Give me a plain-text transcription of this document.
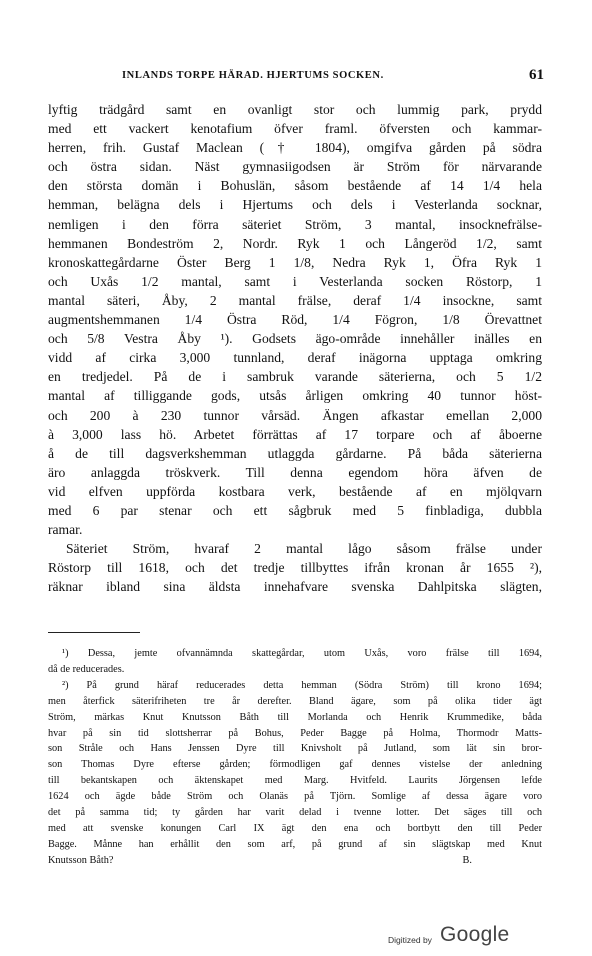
INLANDS TORPE HÄRAD. HJERTUMS SOCKEN.	61
lyftig trädgård samt en ovanligt stor och lummig park, prydd
med ett vackert kenotafium öfver framl. öfversten och kammar-
herren, frih. Gustaf Maclean († 1804), omgifva gården på södra
och östra sidan. Näst gymnasiigodsen är Ström för närvarande
den största domän i Bohuslän, såsom bestående af 14 1/4 hela
hemman, belägna dels i Hjertums och dels i Vesterlanda socknar,
nemligen i den förra säteriet Ström, 3 mantal, insocknefrälse-
hemmanen Bondeström 2, Nordr. Ryk 1 och Långeröd 1/2, samt
kronoskattegårdarne Öster Berg 1 1/8, Nedra Ryk 1, Öfra Ryk 1
och Uxås 1/2 mantal, samt i Vesterlanda socken Röstorp, 1
mantal säteri, Åby, 2 mantal frälse, deraf 1/4 insockne, samt
augmentshemmanen 1/4 Östra Röd, 1/4 Fögron, 1/8 Örevattnet
och 5/8 Vestra Åby ¹). Godsets ägo-område innehåller inälles en
vidd af cirka 3,000 tunnland, deraf inägorna upptaga omkring
en tredjedel. På de i sambruk varande säterierna, och 5 1/2
mantal af tilliggande gods, utsås årligen omkring 40 tunnor höst-
och 200 à 230 tunnor vårsäd. Ängen afkastar emellan 2,000
à 3,000 lass hö. Arbetet förrättas af 17 torpare och af åboerne
å de till dagsverkshemman utlaggda gårdarne. På båda säterierna
äro anlaggda tröskverk. Till denna egendom höra äfven de
vid elfven uppförda kostbara verk, bestående af en mjölqvarn
med 6 par stenar och ett sågbruk med 5 finbladiga, dubbla
ramar.
Säteriet Ström, hvaraf 2 mantal lågo såsom frälse under
Röstorp till 1618, och det tredje tillbyttes ifrån kronan år 1655 ²),
räknar ibland sina äldsta innehafvare svenska Dahlpitska slägten,
¹) Dessa, jemte ofvannämnda skattegårdar, utom Uxås, voro frälse till 1694,
då de reducerades.
²) På grund häraf reducerades detta hemman (Södra Ström) till krono 1694;
men återfick säterifriheten tre år derefter. Bland ägare, som på olika tider ägt
Ström, märkas Knut Knutsson Båth till Morlanda och Henrik Krummedike, båda
hvar på sin tid slottsherrar på Bohus, Peder Bagge på Holma, Thormodr Matts-
son Stråle och Hans Jenssen Dyre till Knivsholt på Jutland, som lät sin bror-
son Thomas Dyre efterse gården; förmodligen gaf dennes vistelse der anledning
till bekantskapen och äktenskapet med Marg. Hvitfeld. Laurits Jörgensen lefde
1624 och ägde både Ström och Olanäs på Tjörn. Somlige af dessa ägare voro
det på samma tid; ty gården har varit delad i tvenne lotter. Det säges till och
med att svenske konungen Carl IX ägt den ena och bortbytt den till Peder
Bagge. Månne han erhållit den som arf, på grund af sin slägtskap med Knut
Knutsson Båth?	B.
Digitized by Google
